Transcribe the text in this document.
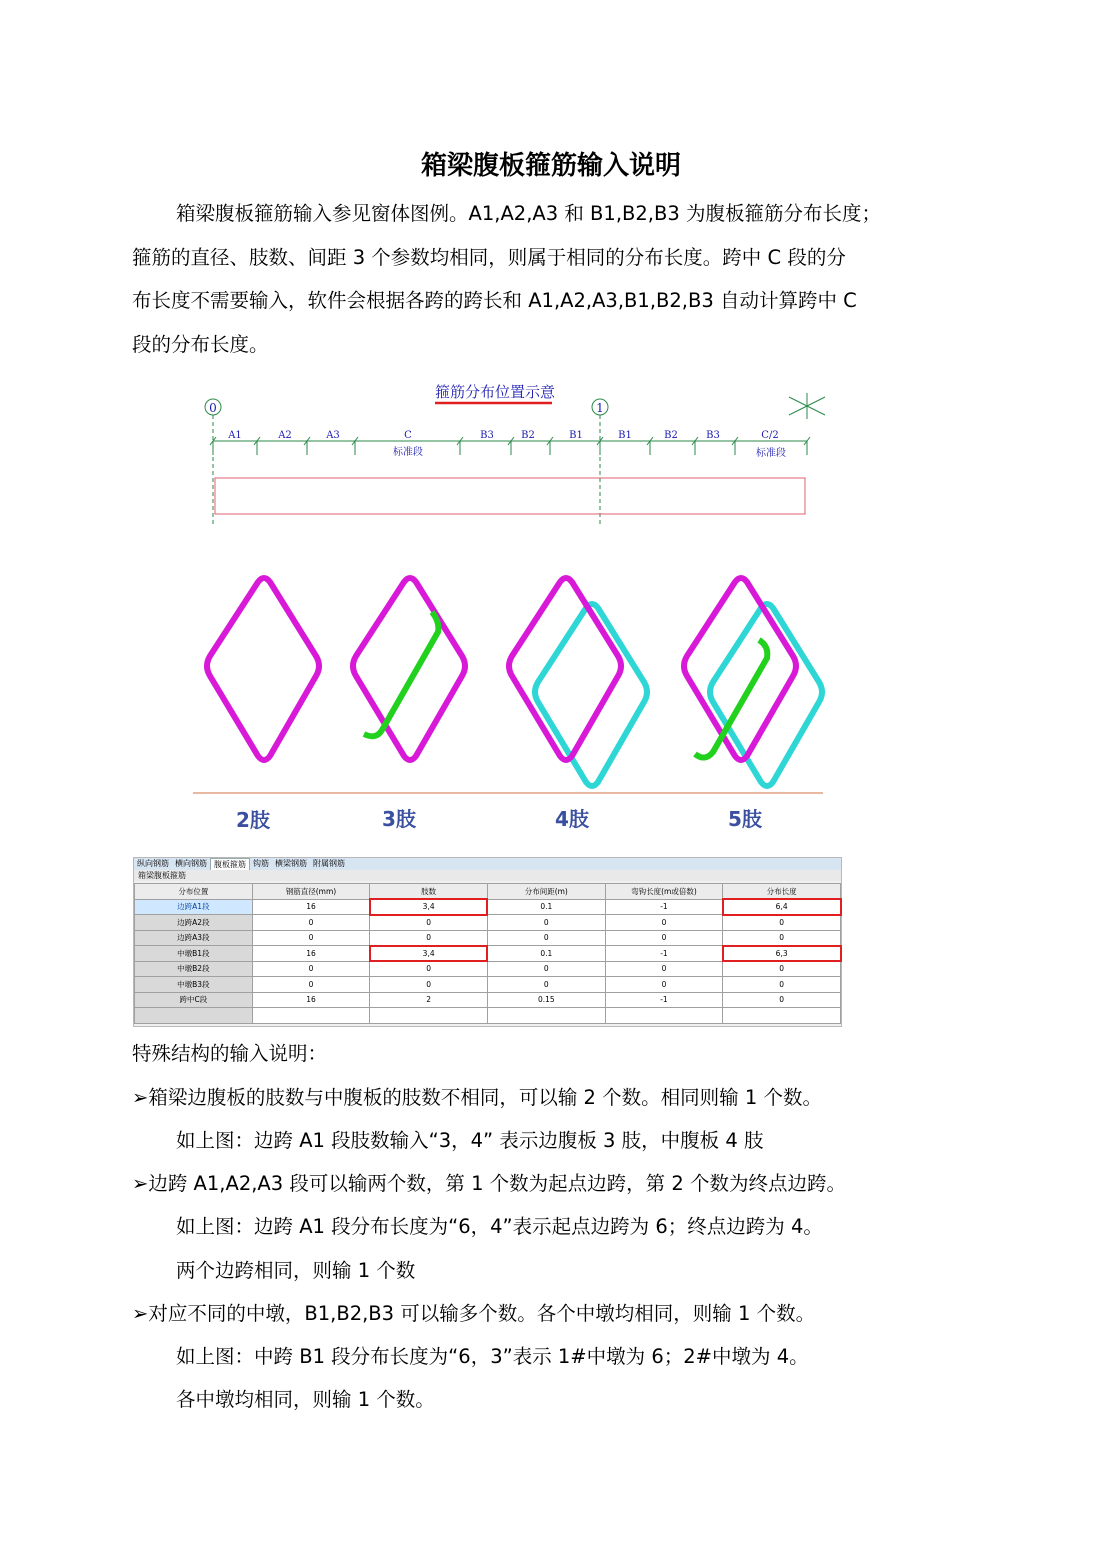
箱梁腹板箍筋输入说明
箱梁腹板箍筋输入参见窗体图例。A1,A2,A3 和 B1,B2,B3 为腹板箍筋分布长度；
箍筋的直径、肢数、间距 3 个参数均相同，则属于相同的分布长度。跨中 C 段的分
布长度不需要输入，软件会根据各跨的跨长和 A1,A2,A3,B1,B2,B3 自动计算跨中 C
段的分布长度。
箍筋分布位置示意
0	1
A1	A2	A3	C	B3	B2	B1	B1	B2	B3	C/2
标准段	标准段
2肢	3肢	4肢	5肢
纵向钢筋 横向钢筋 腹板箍筋 钩筋 横梁钢筋 附属钢筋
箱梁腹板箍筋
分布位置	钢筋直径(mm)	肢数	分布间距(m)	弯钩长度(m或倍数)	分布长度
边跨A1段	16	3,4	0.1	-1	6,4
边跨A2段	0	0	0	0	0
边跨A3段	0	0	0	0	0
中墩B1段	16	3,4	0.1	-1	6,3
中墩B2段	0	0	0	0	0
中墩B3段	0	0	0	0	0
跨中C段	16	2	0.15	-1	0

特殊结构的输入说明：
➢箱梁边腹板的肢数与中腹板的肢数不相同，可以输 2 个数。相同则输 1 个数。
如上图：边跨 A1 段肢数输入“3，4” 表示边腹板 3 肢，中腹板 4 肢
➢边跨 A1,A2,A3 段可以输两个数，第 1 个数为起点边跨，第 2 个数为终点边跨。
如上图：边跨 A1 段分布长度为“6，4”表示起点边跨为 6；终点边跨为 4。
两个边跨相同，则输 1 个数
➢对应不同的中墩，B1,B2,B3 可以输多个数。各个中墩均相同，则输 1 个数。
如上图：中跨 B1 段分布长度为“6，3”表示 1#中墩为 6；2#中墩为 4。
各中墩均相同，则输 1 个数。
